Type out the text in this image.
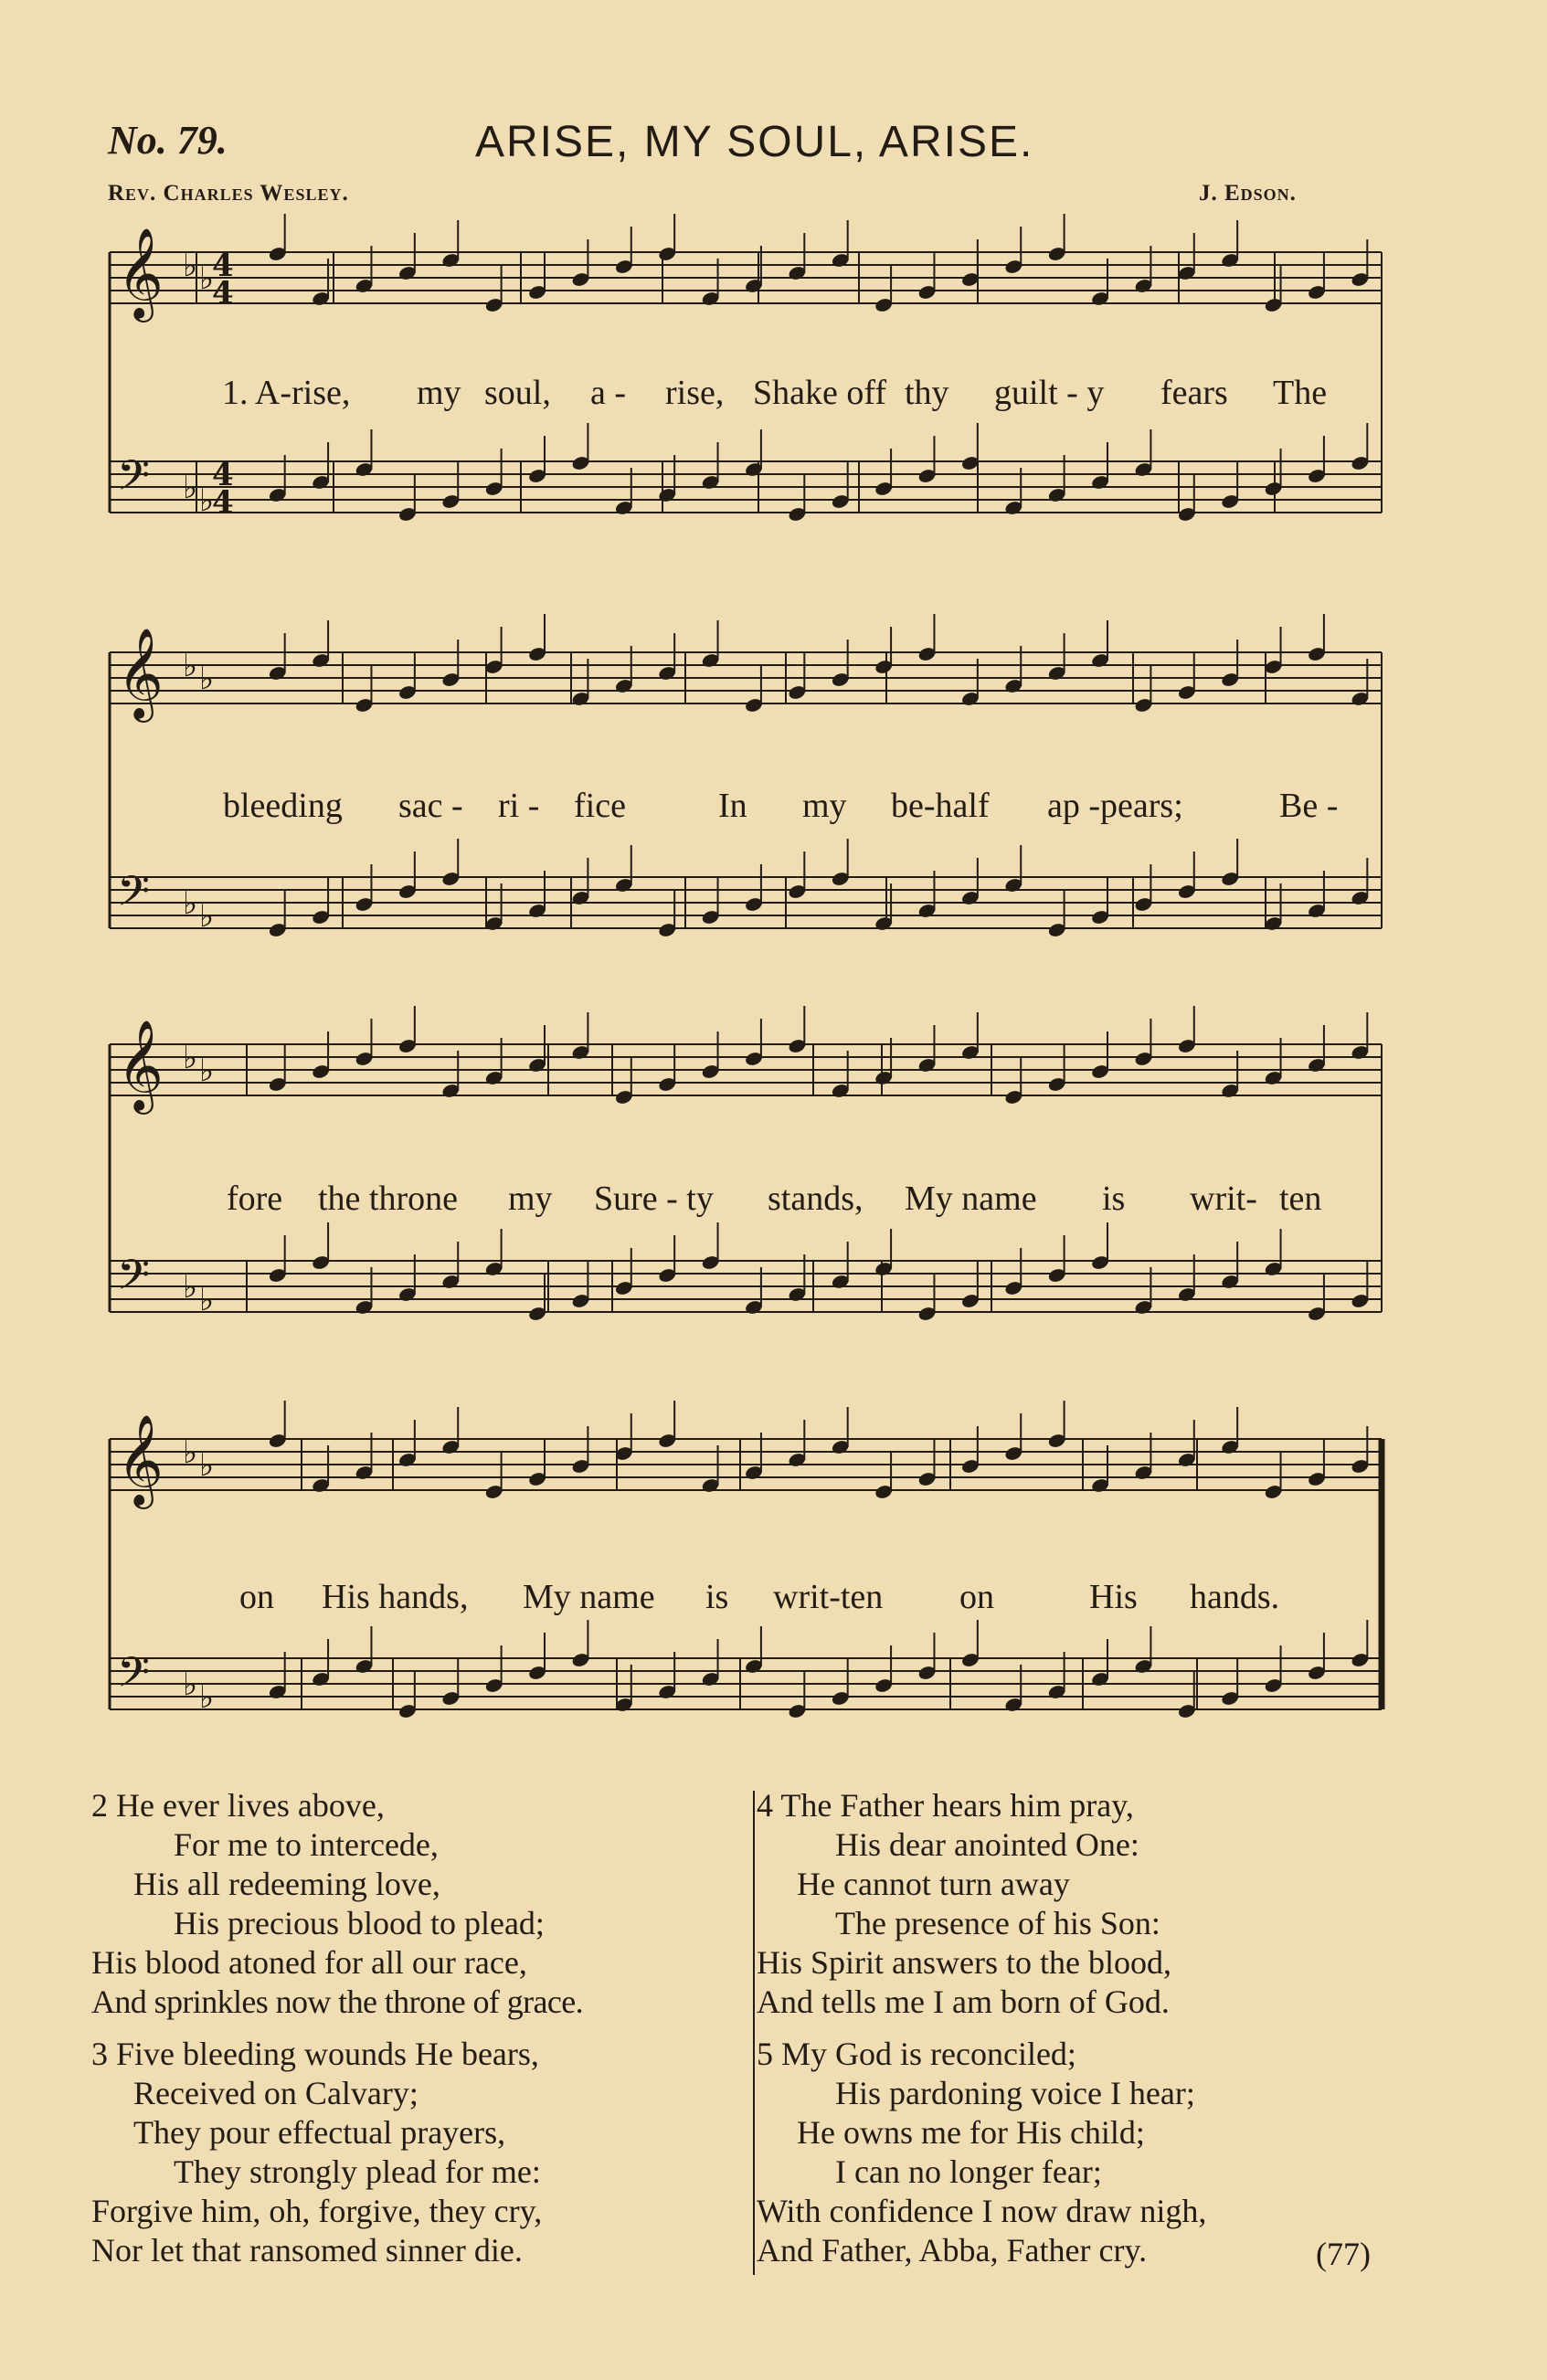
No. 79.	ARISE, MY SOUL, ARISE.
Rev. Charles Wesley.	J. Edson.
𝄞 ♭ ♭
𝄢 ♭ ♭
𝄞 ♭ ♭
𝄢 ♭ ♭
𝄞 ♭ ♭
𝄢 ♭ ♭
𝄞 ♭ ♭
𝄢 ♭ ♭
4
4
4
4
1. A-rise, my soul, a - rise, Shake off thy guilt - y fears The
bleeding sac - ri - fice	In my be-half ap -pears;	Be -
fore the throne my Sure - ty stands, My name is writ- ten
on His hands, My name is writ-ten on	His hands.
2 He ever lives above,
For me to intercede,
His all redeeming love,
His precious blood to plead;
His blood atoned for all our race,
And sprinkles now the throne of grace.
3 Five bleeding wounds He bears,
Received on Calvary;
They pour effectual prayers,
They strongly plead for me:
Forgive him, oh, forgive, they cry,
Nor let that ransomed sinner die.
4 The Father hears him pray,
His dear anointed One:
He cannot turn away
The presence of his Son:
His Spirit answers to the blood,
And tells me I am born of God.
5 My God is reconciled;
His pardoning voice I hear;
He owns me for His child;
I can no longer fear;
With confidence I now draw nigh,
And Father, Abba, Father cry.	(77)
